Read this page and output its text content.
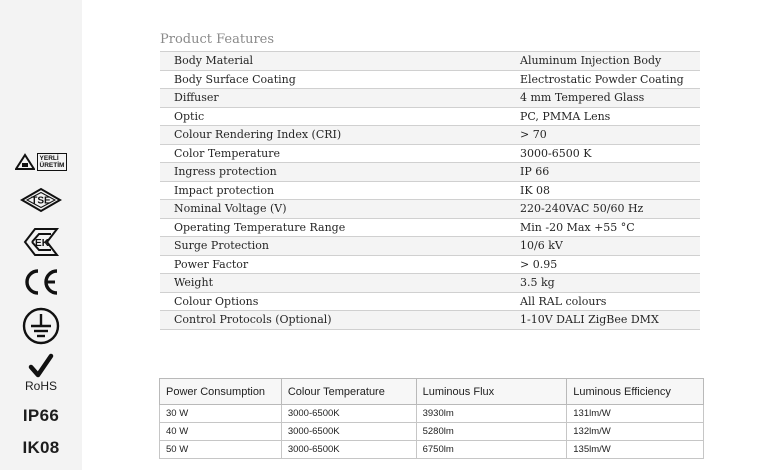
YERLİ
ÜRETİM
TSE
EK
RoHS
IP66
IK08
Product Features
Body Material	Aluminum Injection Body
Body Surface Coating	Electrostatic Powder Coating
Diffuser	4 mm Tempered Glass
Optic	PC, PMMA Lens
Colour Rendering Index (CRI)	> 70
Color Temperature	3000-6500 K
Ingress protection	IP 66
Impact protection	IK 08
Nominal Voltage (V)	220-240VAC 50/60 Hz
Operating Temperature Range	Min -20 Max +55 °C
Surge Protection	10/6 kV
Power Factor	> 0.95
Weight	3.5 kg
Colour Options	All RAL colours
Control Protocols (Optional)	1-10V DALI ZigBee DMX
Power Consumption	Colour Temperature	Luminous Flux	Luminous Efficiency
30 W	3000-6500K	3930lm	131lm/W
40 W	3000-6500K	5280lm	132lm/W
50 W	3000-6500K	6750lm	135lm/W
